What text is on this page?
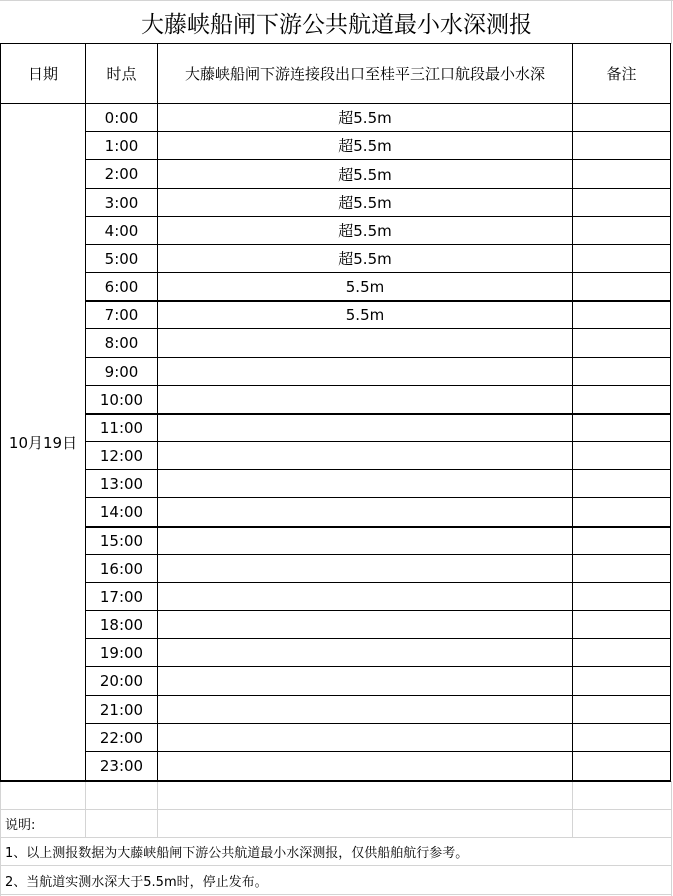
大藤峡船闸下游公共航道最小水深测报
日期	时点	大藤峡船闸下游连接段出口至桂平三江口航段最小水深	备注
10月19日
0:00	超5.5m
1:00	超5.5m
2:00	超5.5m
3:00	超5.5m
4:00	超5.5m
5:00	超5.5m
6:00	5.5m
7:00	5.5m
8:00
9:00
10:00
11:00
12:00
13:00
14:00
15:00
16:00
17:00
18:00
19:00
20:00
21:00
22:00
23:00
说明:
1、以上测报数据为大藤峡船闸下游公共航道最小水深测报，仅供船舶航行参考。
2、当航道实测水深大于5.5m时，停止发布。
